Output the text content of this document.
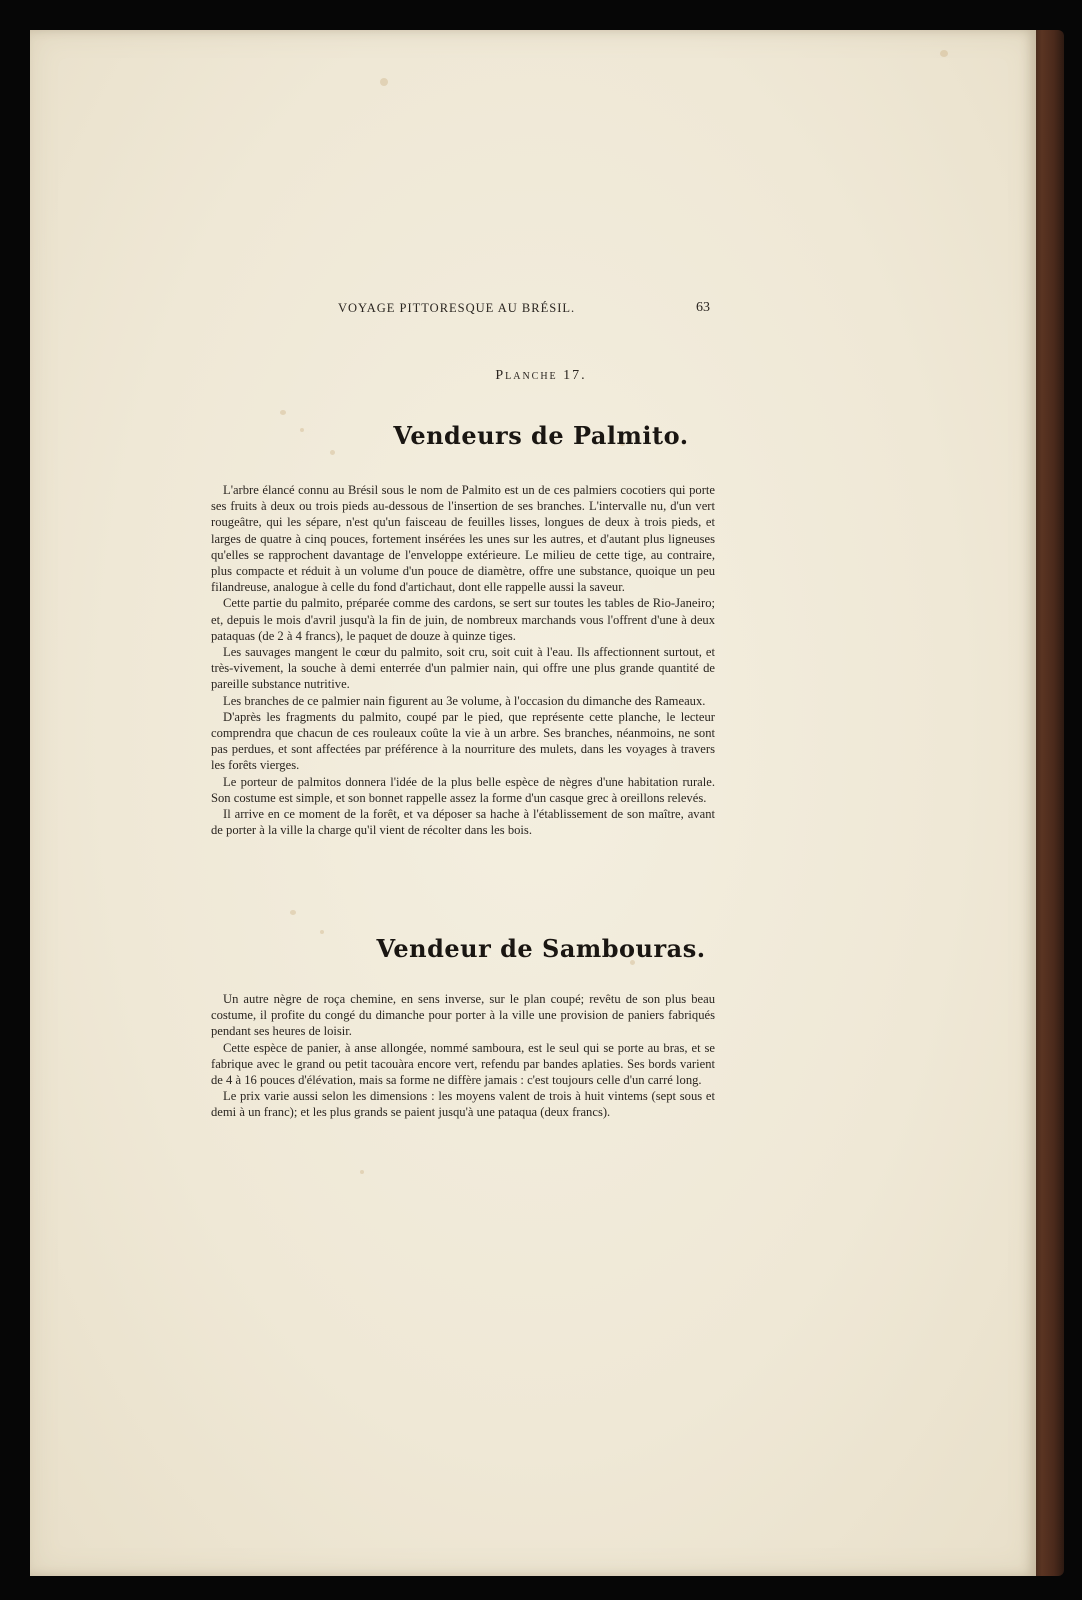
VOYAGE PITTORESQUE AU BRÉSIL.	63
Planche 17.
Vendeurs de Palmito.

L'arbre élancé connu au Brésil sous le nom de Palmito est un de ces palmiers cocotiers qui porte ses fruits à deux ou trois pieds au-dessous de l'insertion de ses branches. L'intervalle nu, d'un vert rougeâtre, qui les sépare, n'est qu'un faisceau de feuilles lisses, longues de deux à trois pieds, et larges de quatre à cinq pouces, fortement insérées les unes sur les autres, et d'autant plus ligneuses qu'elles se rapprochent davantage de l'enveloppe extérieure. Le milieu de cette tige, au contraire, plus compacte et réduit à un volume d'un pouce de diamètre, offre une substance, quoique un peu filandreuse, analogue à celle du fond d'artichaut, dont elle rappelle aussi la saveur.

Cette partie du palmito, préparée comme des cardons, se sert sur toutes les tables de Rio-Janeiro; et, depuis le mois d'avril jusqu'à la fin de juin, de nombreux marchands vous l'offrent d'une à deux pataquas (de 2 à 4 francs), le paquet de douze à quinze tiges.

Les sauvages mangent le cœur du palmito, soit cru, soit cuit à l'eau. Ils affectionnent surtout, et très-vivement, la souche à demi enterrée d'un palmier nain, qui offre une plus grande quantité de pareille substance nutritive.

Les branches de ce palmier nain figurent au 3e volume, à l'occasion du dimanche des Rameaux.

D'après les fragments du palmito, coupé par le pied, que représente cette planche, le lecteur comprendra que chacun de ces rouleaux coûte la vie à un arbre. Ses branches, néanmoins, ne sont pas perdues, et sont affectées par préférence à la nourriture des mulets, dans les voyages à travers les forêts vierges.

Le porteur de palmitos donnera l'idée de la plus belle espèce de nègres d'une habitation rurale. Son costume est simple, et son bonnet rappelle assez la forme d'un casque grec à oreillons relevés.

Il arrive en ce moment de la forêt, et va déposer sa hache à l'établissement de son maître, avant de porter à la ville la charge qu'il vient de récolter dans les bois.

Vendeur de Sambouras.

Un autre nègre de roça chemine, en sens inverse, sur le plan coupé; revêtu de son plus beau costume, il profite du congé du dimanche pour porter à la ville une provision de paniers fabriqués pendant ses heures de loisir.

Cette espèce de panier, à anse allongée, nommé samboura, est le seul qui se porte au bras, et se fabrique avec le grand ou petit tacouàra encore vert, refendu par bandes aplaties. Ses bords varient de 4 à 16 pouces d'élévation, mais sa forme ne diffère jamais : c'est toujours celle d'un carré long.

Le prix varie aussi selon les dimensions : les moyens valent de trois à huit vintems (sept sous et demi à un franc); et les plus grands se paient jusqu'à une pataqua (deux francs).
